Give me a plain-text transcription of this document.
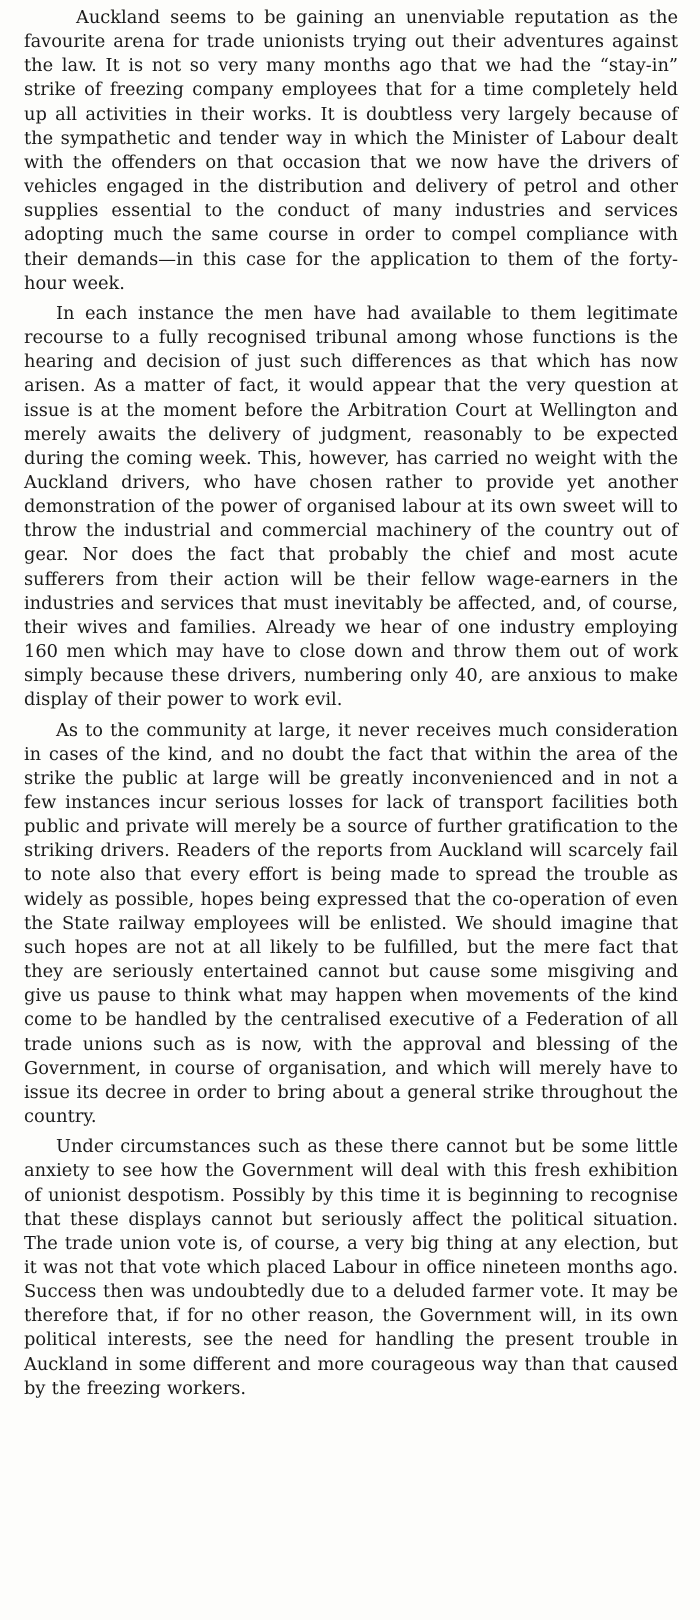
Auckland seems to be gaining an unenviable reputation as the favourite arena for trade unionists trying out their adventures against the law. It is not so very many months ago that we had the “stay-in” strike of freezing company employees that for a time completely held up all activities in their works. It is doubtless very largely because of the sympathetic and tender way in which the Minister of Labour dealt with the offenders on that occasion that we now have the drivers of vehicles engaged in the distribution and delivery of petrol and other supplies essential to the conduct of many industries and services adopting much the same course in order to compel compliance with their demands—in this case for the application to them of the forty-hour week.

In each instance the men have had available to them legitimate recourse to a fully recognised tribunal among whose functions is the hearing and decision of just such differences as that which has now arisen. As a matter of fact, it would appear that the very question at issue is at the moment before the Arbitration Court at Wellington and merely awaits the delivery of judgment, reasonably to be expected during the coming week. This, however, has carried no weight with the Auckland drivers, who have chosen rather to provide yet another demonstration of the power of organised labour at its own sweet will to throw the industrial and commercial machinery of the country out of gear. Nor does the fact that probably the chief and most acute sufferers from their action will be their fellow wage-earners in the industries and services that must inevitably be affected, and, of course, their wives and families. Already we hear of one industry employing 160 men which may have to close down and throw them out of work simply because these drivers, numbering only 40, are anxious to make display of their power to work evil.

As to the community at large, it never receives much consideration in cases of the kind, and no doubt the fact that within the area of the strike the public at large will be greatly inconvenienced and in not a few instances incur serious losses for lack of transport facilities both public and private will merely be a source of further gratification to the striking drivers. Readers of the reports from Auckland will scarcely fail to note also that every effort is being made to spread the trouble as widely as possible, hopes being expressed that the co-operation of even the State railway employees will be enlisted. We should imagine that such hopes are not at all likely to be fulfilled, but the mere fact that they are seriously entertained cannot but cause some misgiving and give us pause to think what may happen when movements of the kind come to be handled by the centralised executive of a Federation of all trade unions such as is now, with the approval and blessing of the Government, in course of organisation, and which will merely have to issue its decree in order to bring about a general strike throughout the country.

Under circumstances such as these there cannot but be some little anxiety to see how the Government will deal with this fresh exhibition of unionist despotism. Possibly by this time it is beginning to recognise that these displays cannot but seriously affect the political situation. The trade union vote is, of course, a very big thing at any election, but it was not that vote which placed Labour in office nineteen months ago. Success then was undoubtedly due to a deluded farmer vote. It may be therefore that, if for no other reason, the Government will, in its own political interests, see the need for handling the present trouble in Auckland in some different and more courageous way than that caused by the freezing workers.
